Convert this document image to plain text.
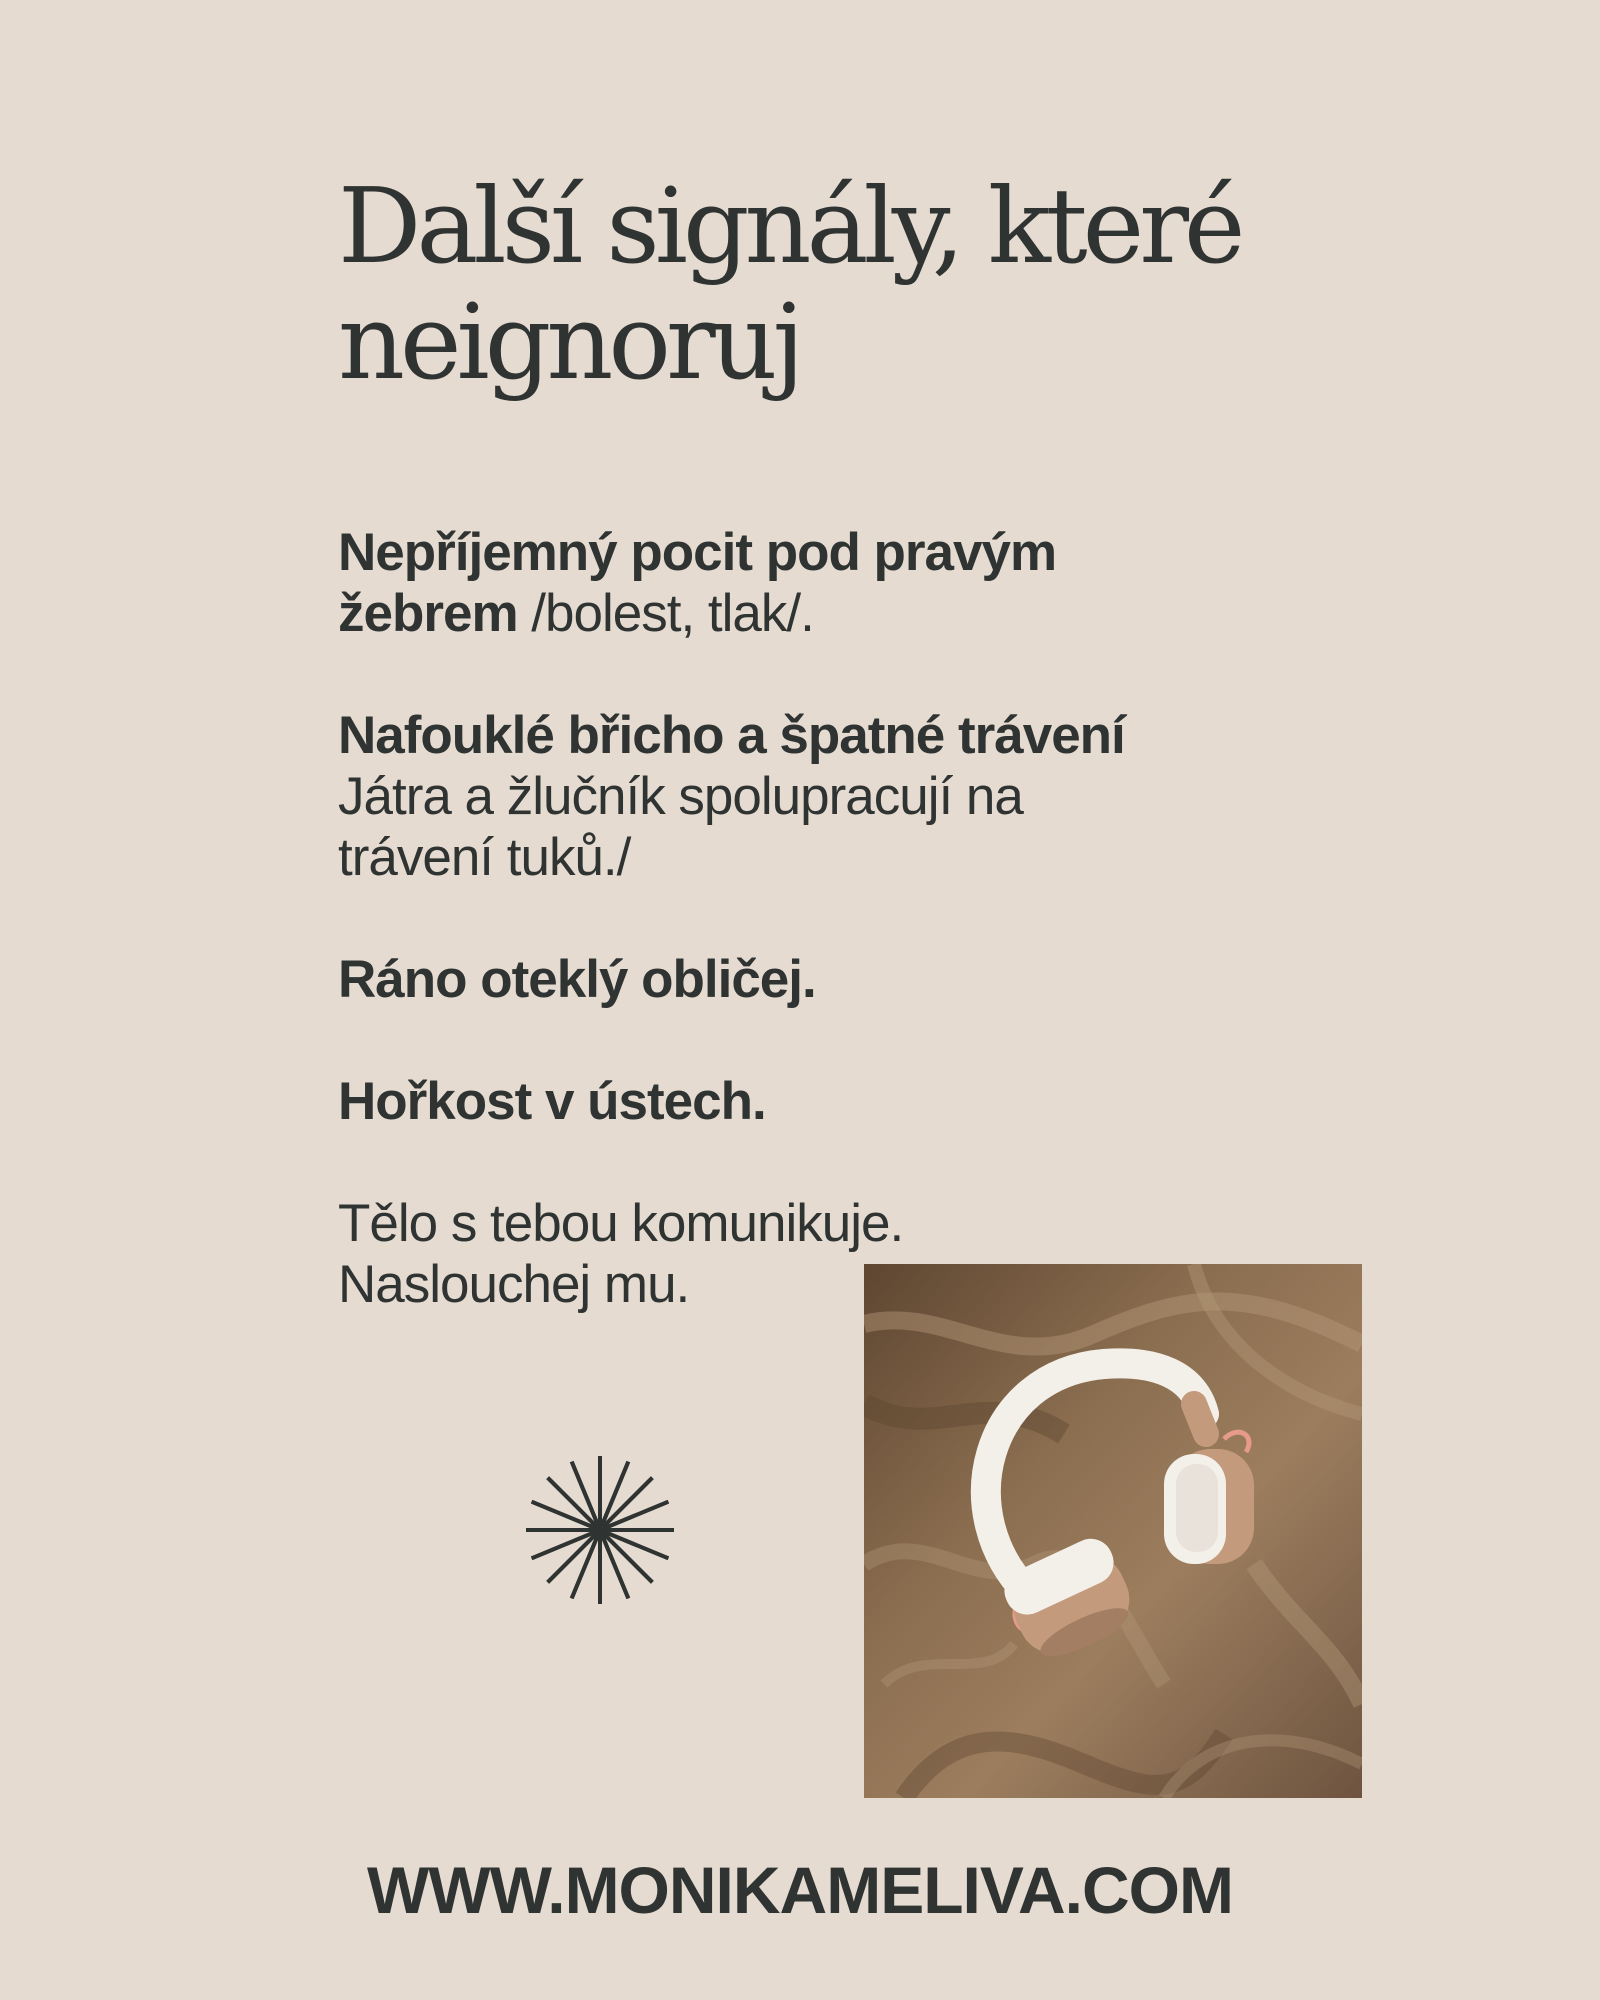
Další signály, které
neignoruj

Nepříjemný pocit pod pravým
žebrem /bolest, tlak/.

Nafouklé břicho a špatné trávení
Játra a žlučník spolupracují na
trávení tuků./

Ráno oteklý obličej.

Hořkost v ústech.

Tělo s tebou komunikuje.
Naslouchej mu.

WWW.MONIKAMELIVA.COM
